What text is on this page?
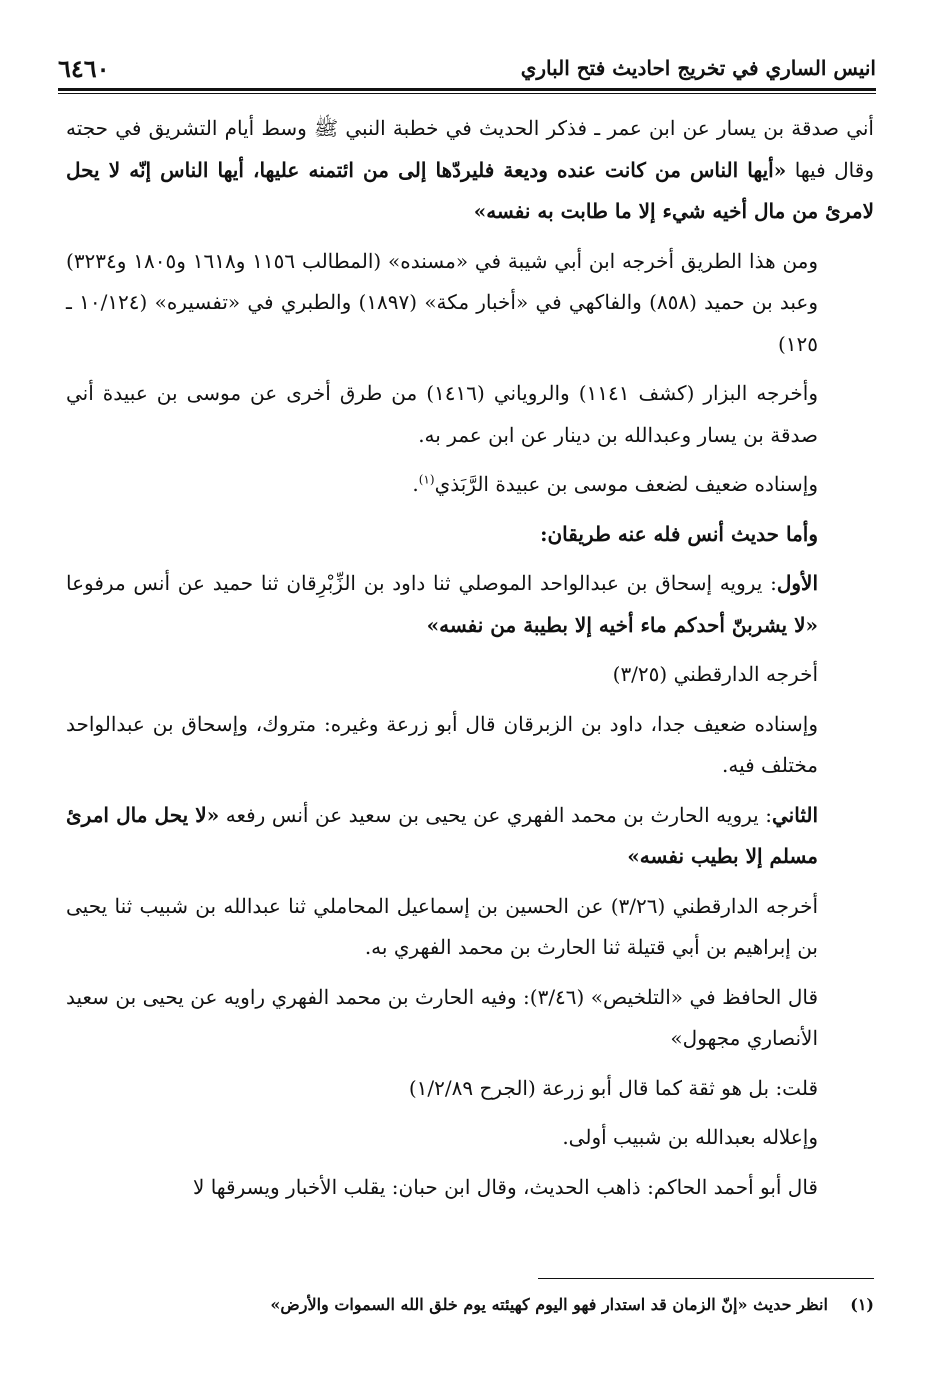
انيس الساري في تخريج احاديث فتح الباري
٦٤٦٠

أني صدقة بن يسار عن ابن عمر ـ فذكر الحديث في خطبة النبي ﷺ وسط أيام التشريق في حجته وقال فيها «أيها الناس من كانت عنده وديعة فليردّها إلى من ائتمنه عليها، أيها الناس إنّه لا يحل لامرئ من مال أخيه شيء إلا ما طابت به نفسه»

ومن هذا الطريق أخرجه ابن أبي شيبة في «مسنده» (المطالب ١١٥٦ و١٦١٨ و١٨٠٥ و٣٢٣٤) وعبد بن حميد (٨٥٨) والفاكهي في «أخبار مكة» (١٨٩٧) والطبري في «تفسيره» (١٠/١٢٤ ـ ١٢٥)

وأخرجه البزار (كشف ١١٤١) والروياني (١٤١٦) من طرق أخرى عن موسى بن عبيدة أني صدقة بن يسار وعبدالله بن دينار عن ابن عمر به.

وإسناده ضعيف لضعف موسى بن عبيدة الرَّبَذي$^{(١)}$.

وأما حديث أنس فله عنه طريقان:

الأول: يرويه إسحاق بن عبدالواحد الموصلي ثنا داود بن الزِّبْرِقان ثنا حميد عن أنس مرفوعا «لا يشربنّ أحدكم ماء أخيه إلا بطيبة من نفسه»

أخرجه الدارقطني (٣/٢٥)

وإسناده ضعيف جدا، داود بن الزبرقان قال أبو زرعة وغيره: متروك، وإسحاق بن عبدالواحد مختلف فيه.

الثاني: يرويه الحارث بن محمد الفهري عن يحيى بن سعيد عن أنس رفعه «لا يحل مال امرئ مسلم إلا بطيب نفسه»

أخرجه الدارقطني (٣/٢٦) عن الحسين بن إسماعيل المحاملي ثنا عبدالله بن شبيب ثنا يحيى بن إبراهيم بن أبي قتيلة ثنا الحارث بن محمد الفهري به.

قال الحافظ في «التلخيص» (٣/٤٦): وفيه الحارث بن محمد الفهري راويه عن يحيى بن سعيد الأنصاري مجهول»

قلت: بل هو ثقة كما قال أبو زرعة (الجرح ١/٢/٨٩)

وإعلاله بعبدالله بن شبيب أولى.

قال أبو أحمد الحاكم: ذاهب الحديث، وقال ابن حبان: يقلب الأخبار ويسرقها لا

(١)    انظر حديث «إنّ الزمان قد استدار فهو اليوم كهيئته يوم خلق الله السموات والأرض»
